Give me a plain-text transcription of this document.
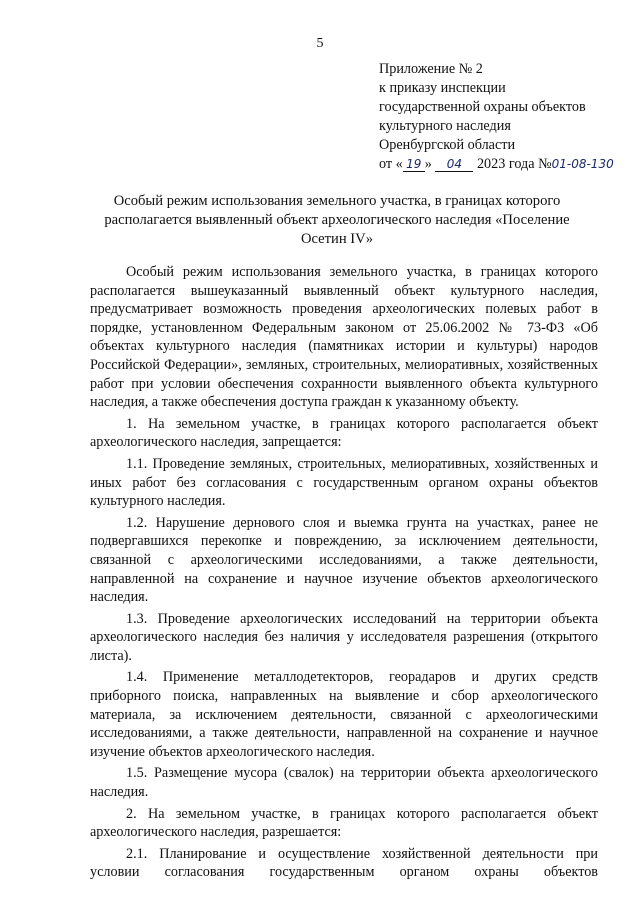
5
Приложение № 2
к приказу инспекции
государственной охраны объектов
культурного наследия
Оренбургской области
от « 19 » 04 2023 года №01-08-130
Особый режим использования земельного участка, в границах которого располагается выявленный объект археологического наследия «Поселение Осетин IV»

Особый режим использования земельного участка, в границах которого располагается вышеуказанный выявленный объект культурного наследия, предусматривает возможность проведения археологических полевых работ в порядке, установленном Федеральным законом от 25.06.2002 № 73-ФЗ «Об объектах культурного наследия (памятниках истории и культуры) народов Российской Федерации», земляных, строительных, мелиоративных, хозяйственных работ при условии обеспечения сохранности выявленного объекта культурного наследия, а также обеспечения доступа граждан к указанному объекту.

1. На земельном участке, в границах которого располагается объект археологического наследия, запрещается:

1.1. Проведение земляных, строительных, мелиоративных, хозяйственных и иных работ без согласования с государственным органом охраны объектов культурного наследия.

1.2. Нарушение дернового слоя и выемка грунта на участках, ранее не подвергавшихся перекопке и повреждению, за исключением деятельности, связанной с археологическими исследованиями, а также деятельности, направленной на сохранение и научное изучение объектов археологического наследия.

1.3. Проведение археологических исследований на территории объекта археологического наследия без наличия у исследователя разрешения (открытого листа).

1.4. Применение металлодетекторов, георадаров и других средств приборного поиска, направленных на выявление и сбор археологического материала, за исключением деятельности, связанной с археологическими исследованиями, а также деятельности, направленной на сохранение и научное изучение объектов археологического наследия.

1.5. Размещение мусора (свалок) на территории объекта археологического наследия.

2. На земельном участке, в границах которого располагается объект археологического наследия, разрешается:

2.1. Планирование и осуществление хозяйственной деятельности при условии согласования государственным органом охраны объектов
